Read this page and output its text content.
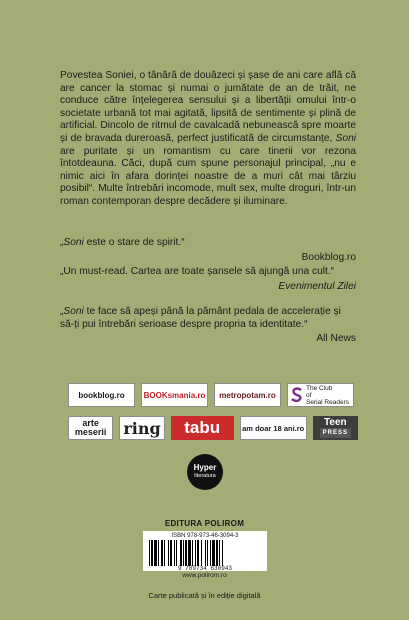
Povestea Soniei, o tânără de douăzeci și șase de ani care află că are cancer la stomac și numai o jumătate de an de trăit, ne conduce către înțelegerea sensului și a libertății omului într-o societate urbană tot mai agitată, lipsită de sentimente și plină de artificial. Dincolo de ritmul de cavalcadă nebunească spre moarte și de bravada dureroasă, perfect justificată de circumstanțe, Soni are puritate și un romantism cu care tinerii vor rezona întotdeauna. Căci, după cum spune personajul principal, „nu e nimic aici în afara dorinței noastre de a muri cât mai târziu posibil“. Multe întrebări incomode, mult sex, multe droguri, într-un roman contemporan despre decădere și iluminare.

„Soni este o stare de spirit.“

Bookblog.ro

„Un must-read. Cartea are toate șansele să ajungă una cult.“

Evenimentul Zilei

„Soni te face să apeși până la pământ pedala de accelerație și să-ți pui întrebări serioase despre propria ta identitate.“

All News

bookblog.ro BOOKsmania.ro metropotam.ro
The Club
of
Serial Readers
arte
meserii ring tabu	am doar 18 ani.ro Teen
PRESS
Hyper
literatura
EDITURA POLIROM

ISBN 978-973-46-3094-3

9 789734 630943
www.polirom.ro
Carte publicată și în ediție digitală
